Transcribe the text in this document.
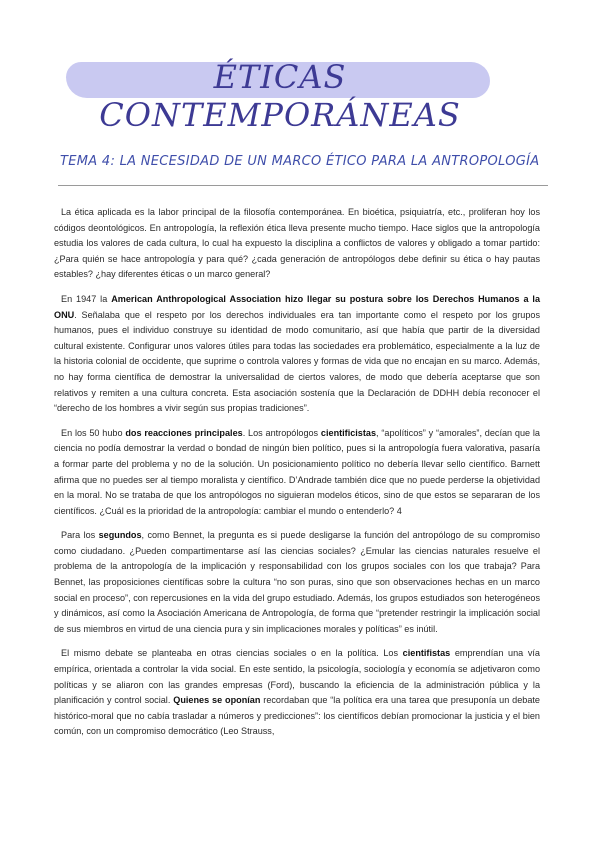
ÉTICAS CONTEMPORÁNEAS
TEMA 4: LA NECESIDAD DE UN MARCO ÉTICO PARA LA ANTROPOLOGÍA

La ética aplicada es la labor principal de la filosofía contemporánea. En bioética, psiquiatría, etc., proliferan hoy los códigos deontológicos. En antropología, la reflexión ética lleva presente mucho tiempo. Hace siglos que la antropología estudia los valores de cada cultura, lo cual ha expuesto la disciplina a conflictos de valores y obligado a tomar partido: ¿Para quién se hace antropología y para qué? ¿cada generación de antropólogos debe definir su ética o hay pautas estables? ¿hay diferentes éticas o un marco general?

En 1947 la American Anthropological Association hizo llegar su postura sobre los Derechos Humanos a la ONU. Señalaba que el respeto por los derechos individuales era tan importante como el respeto por los grupos humanos, pues el individuo construye su identidad de modo comunitario, así que había que partir de la diversidad cultural existente. Configurar unos valores útiles para todas las sociedades era problemático, especialmente a la luz de la historia colonial de occidente, que suprime o controla valores y formas de vida que no encajan en su marco. Además, no hay forma científica de demostrar la universalidad de ciertos valores, de modo que debería aceptarse que son relativos y remiten a una cultura concreta. Esta asociación sostenía que la Declaración de DDHH debía reconocer el “derecho de los hombres a vivir según sus propias tradiciones”.

En los 50 hubo dos reacciones principales. Los antropólogos cientificistas, “apolíticos” y “amorales”, decían que la ciencia no podía demostrar la verdad o bondad de ningún bien político, pues si la antropología fuera valorativa, pasaría a formar parte del problema y no de la solución. Un posicionamiento político no debería llevar sello científico. Barnett afirma que no puedes ser al tiempo moralista y científico. D’Andrade también dice que no puede perderse la objetividad en la moral. No se trataba de que los antropólogos no siguieran modelos éticos, sino de que estos se separaran de los científicos. ¿Cuál es la prioridad de la antropología: cambiar el mundo o entenderlo? 4

Para los segundos, como Bennet, la pregunta es si puede desligarse la función del antropólogo de su compromiso como ciudadano. ¿Pueden compartimentarse así las ciencias sociales? ¿Emular las ciencias naturales resuelve el problema de la antropología de la implicación y responsabilidad con los grupos sociales con los que trabaja? Para Bennet, las proposiciones científicas sobre la cultura “no son puras, sino que son observaciones hechas en un marco social en proceso”, con repercusiones en la vida del grupo estudiado. Además, los grupos estudiados son heterogéneos y dinámicos, así como la Asociación Americana de Antropología, de forma que “pretender restringir la implicación social de sus miembros en virtud de una ciencia pura y sin implicaciones morales y políticas” es inútil.

El mismo debate se planteaba en otras ciencias sociales o en la política. Los cientifistas emprendían una vía empírica, orientada a controlar la vida social. En este sentido, la psicología, sociología y economía se adjetivaron como políticas y se aliaron con las grandes empresas (Ford), buscando la eficiencia de la administración pública y la planificación y control social. Quienes se oponían recordaban que “la política era una tarea que presuponía un debate histórico-moral que no cabía trasladar a números y predicciones”: los científicos debían promocionar la justicia y el bien común, con un compromiso democrático (Leo Strauss,
